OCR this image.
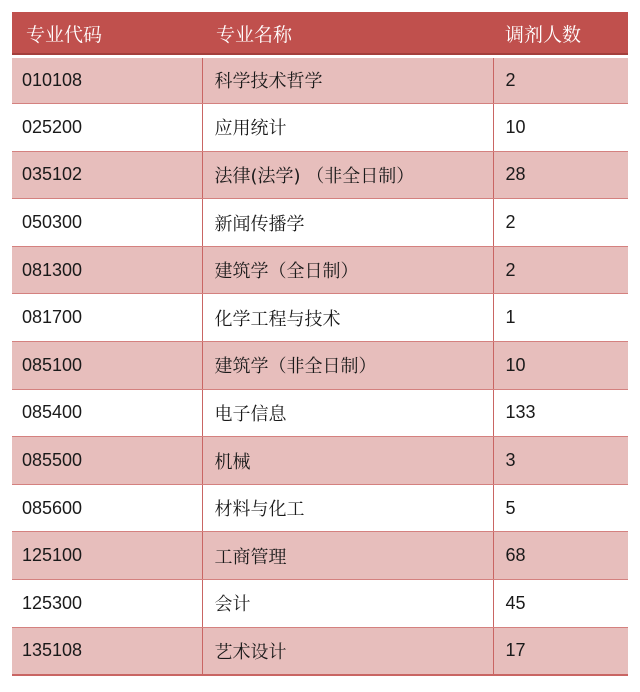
专业代码	专业名称	调剂人数
010108	科学技术哲学	2
025200	应用统计	10
035102	法律(法学) （非全日制）	28
050300	新闻传播学	2
081300	建筑学（全日制）	2
081700	化学工程与技术	1
085100	建筑学（非全日制）	10
085400	电子信息	133
085500	机械	3
085600	材料与化工	5
125100	工商管理	68
125300	会计	45
135108	艺术设计	17
